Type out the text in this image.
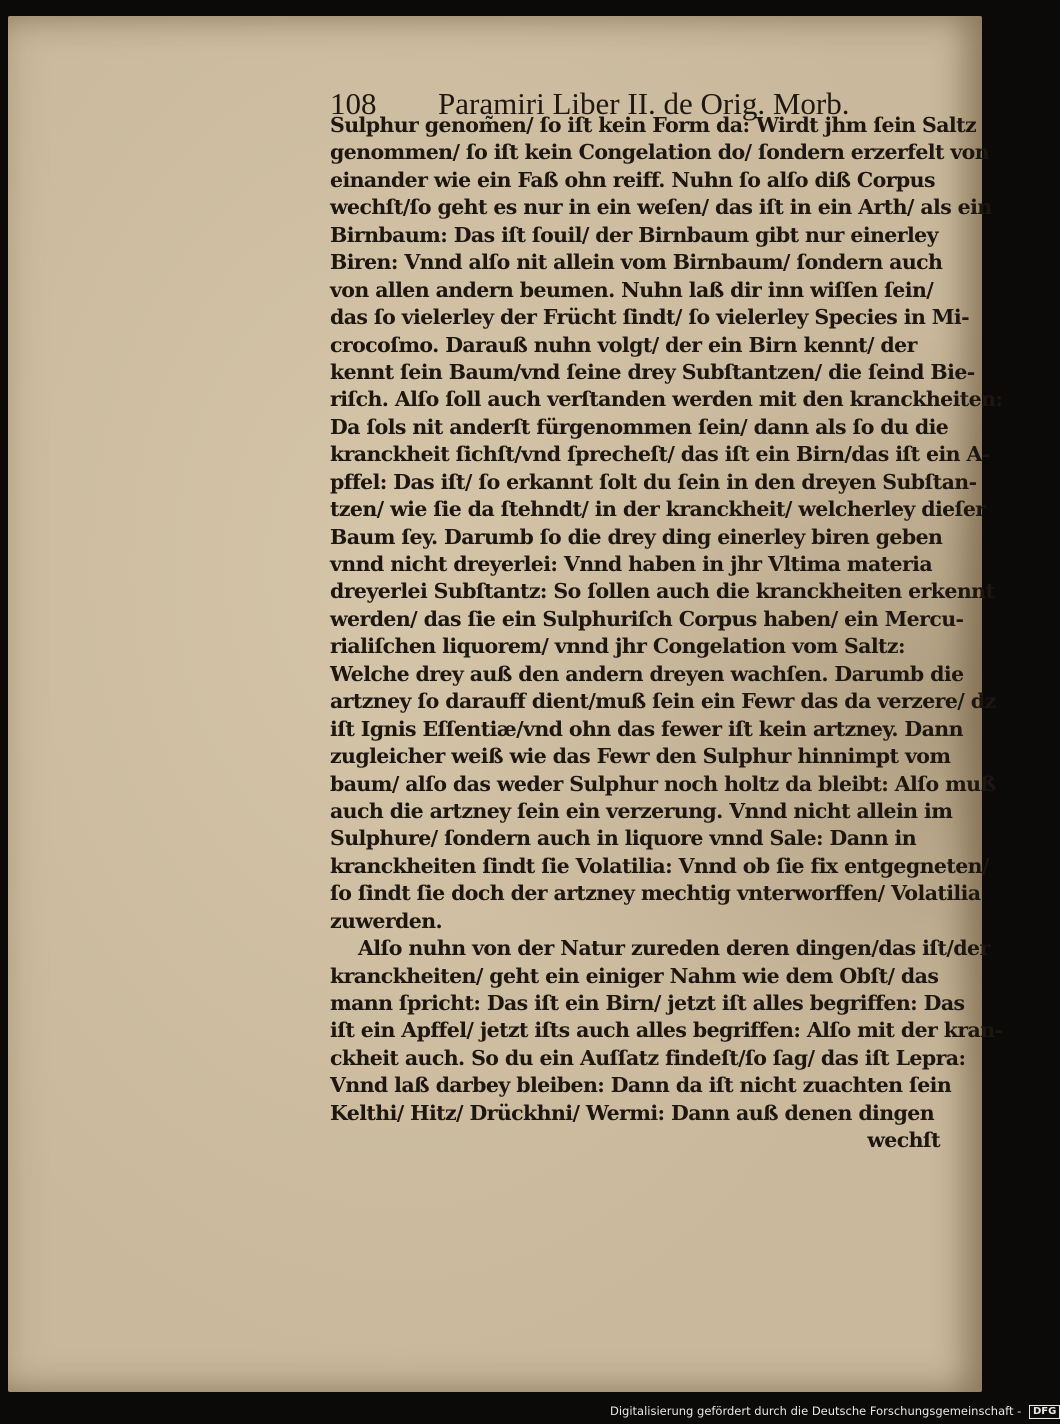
108 Paramiri Liber II. de Orig. Morb.
Sulphur genom̃en/ ſo iſt kein Form da: Wirdt jhm ſein Saltz
genommen/ ſo iſt kein Congelation do/ ſondern erzerfelt von
einander wie ein Faß ohn reiff. Nuhn ſo alſo diß Corpus
wechſt/ſo geht es nur in ein weſen/ das iſt in ein Arth/ als ein
Birnbaum: Das iſt ſouil/ der Birnbaum gibt nur einerley
Biren: Vnnd alſo nit allein vom Birnbaum/ ſondern auch
von allen andern beumen. Nuhn laß dir inn wiſſen ſein/
das ſo vielerley der Frücht ſindt/ ſo vielerley Species in Mi-
crocoſmo. Darauß nuhn volgt/ der ein Birn kennt/ der
kennt ſein Baum/vnd ſeine drey Subſtantzen/ die ſeind Bie-
riſch. Alſo ſoll auch verſtanden werden mit den kranckheiten:
Da ſols nit anderſt fürgenommen ſein/ dann als ſo du die
kranckheit ſichſt/vnd ſprecheſt/ das iſt ein Birn/das iſt ein A-
pffel: Das iſt/ ſo erkannt ſolt du ſein in den dreyen Subſtan-
tzen/ wie ſie da ſtehndt/ in der kranckheit/ welcherley dieſer
Baum ſey. Darumb ſo die drey ding einerley biren geben
vnnd nicht dreyerlei: Vnnd haben in jhr Vltima materia
dreyerlei Subſtantz: So ſollen auch die kranckheiten erkennt
werden/ das ſie ein Sulphuriſch Corpus haben/ ein Mercu-
rialiſchen liquorem/ vnnd jhr Congelation vom Saltz:
Welche drey auß den andern dreyen wachſen. Darumb die
artzney ſo darauff dient/muß ſein ein Fewr das da verzere/ dz
iſt Ignis Eſſentiæ/vnd ohn das fewer iſt kein artzney. Dann
zugleicher weiß wie das Fewr den Sulphur hinnimpt vom
baum/ alſo das weder Sulphur noch holtz da bleibt: Alſo muß
auch die artzney ſein ein verzerung. Vnnd nicht allein im
Sulphure/ ſondern auch in liquore vnnd Sale: Dann in
kranckheiten ſindt ſie Volatilia: Vnnd ob ſie fix entgegneten/
ſo ſindt ſie doch der artzney mechtig vnterworffen/ Volatilia
zuwerden.
Alſo nuhn von der Natur zureden deren dingen/das iſt/der
kranckheiten/ geht ein einiger Nahm wie dem Obſt/ das
mann ſpricht: Das iſt ein Birn/ jetzt iſt alles begriffen: Das
iſt ein Apffel/ jetzt iſts auch alles begriffen: Alſo mit der kran-
ckheit auch. So du ein Auſſatz findeſt/ſo ſag/ das iſt Lepra:
Vnnd laß darbey bleiben: Dann da iſt nicht zuachten ſein
Kelthi/ Hitz/ Drückhni/ Wermi: Dann auß denen dingen
wechſt
Digitalisierung gefördert durch die Deutsche Forschungsgemeinschaft - DFG
